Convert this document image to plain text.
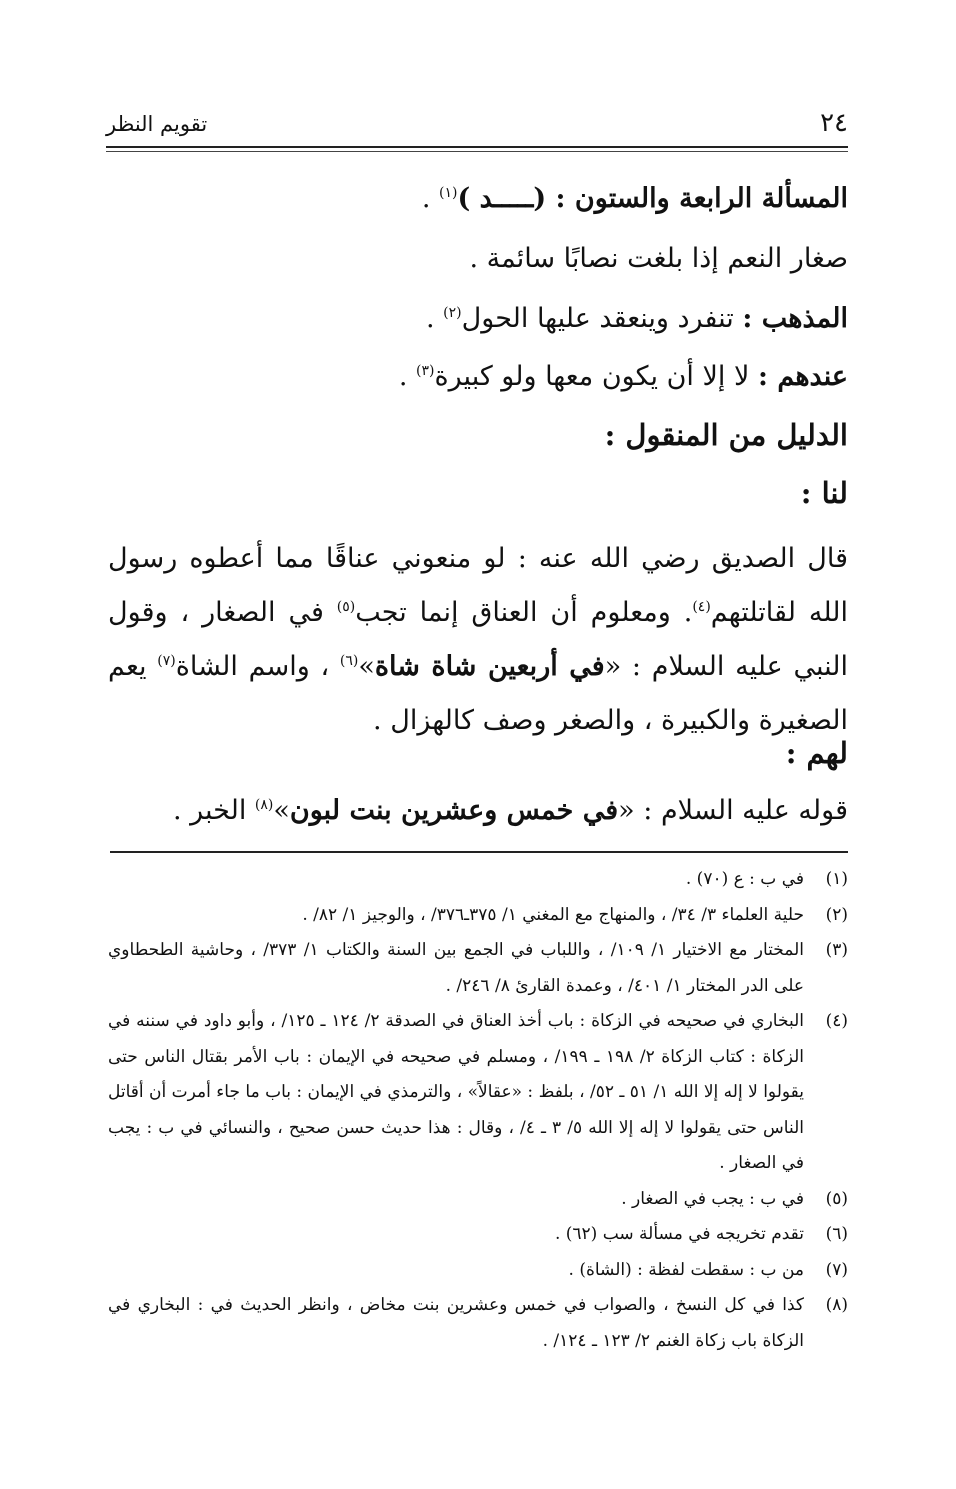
٢٤
تقويم النظر
المسألة الرابعة والستون : (ـــــد )$^{(١)}$ .
صغار النعم إذا بلغت نصابًا سائمة .
المذهب : تنفرد وينعقد عليها الحول$^{(٢)}$ .
عندهم : لا إلا أن يكون معها ولو كبيرة$^{(٣)}$ .
الدليل من المنقول :
لنا :
قال الصديق رضي الله عنه : لو منعوني عناقًا مما أعطوه رسول الله لقاتلتهم$^{(٤)}$. ومعلوم أن العناق إنما تجب$^{(٥)}$ في الصغار ، وقول النبي عليه السلام : «في أربعين شاة شاة»$^{(٦)}$ ، واسم الشاة$^{(٧)}$ يعم الصغيرة والكبيرة ، والصغر وصف كالهزال .
لهم :
قوله عليه السلام : «في خمس وعشرين بنت لبون»$^{(٨)}$ الخبر .
(١)
في ب : ع (٧٠) .
(٢)
حلية العلماء ٣/ ٣٤/ ، والمنهاج مع المغني ١/ ٣٧٥ـ٣٧٦/ ، والوجيز ١/ ٨٢/ .
(٣)
المختار مع الاختيار ١/ ١٠٩/ ، واللباب في الجمع بين السنة والكتاب ١/ ٣٧٣/ ، وحاشية الطحطاوي على الدر المختار ١/ ٤٠١/ ، وعمدة القارئ ٨/ ٢٤٦/ .
(٤)
البخاري في صحيحه في الزكاة : باب أخذ العناق في الصدقة ٢/ ١٢٤ ـ ١٢٥/ ، وأبو داود في سننه في الزكاة : كتاب الزكاة ٢/ ١٩٨ ـ ١٩٩/ ، ومسلم في صحيحه في الإيمان : باب الأمر بقتال الناس حتى يقولوا لا إله إلا الله ١/ ٥١ ـ ٥٢/ ، بلفظ : «عقالاً» ، والترمذي في الإيمان : باب ما جاء أمرت أن أقاتل الناس حتى يقولوا لا إله إلا الله ٥/ ٣ ـ ٤/ ، وقال : هذا حديث حسن صحيح ، والنسائي في ب : يجب في الصغار .
(٥)
في ب : يجب في الصغار .
(٦)
تقدم تخريجه في مسألة سب (٦٢) .
(٧)
من ب : سقطت لفظة : (الشاة) .
(٨)
كذا في كل النسخ ، والصواب في خمس وعشرين بنت مخاض ، وانظر الحديث في : البخاري في الزكاة باب زكاة الغنم ٢/ ١٢٣ ـ ١٢٤/ .
